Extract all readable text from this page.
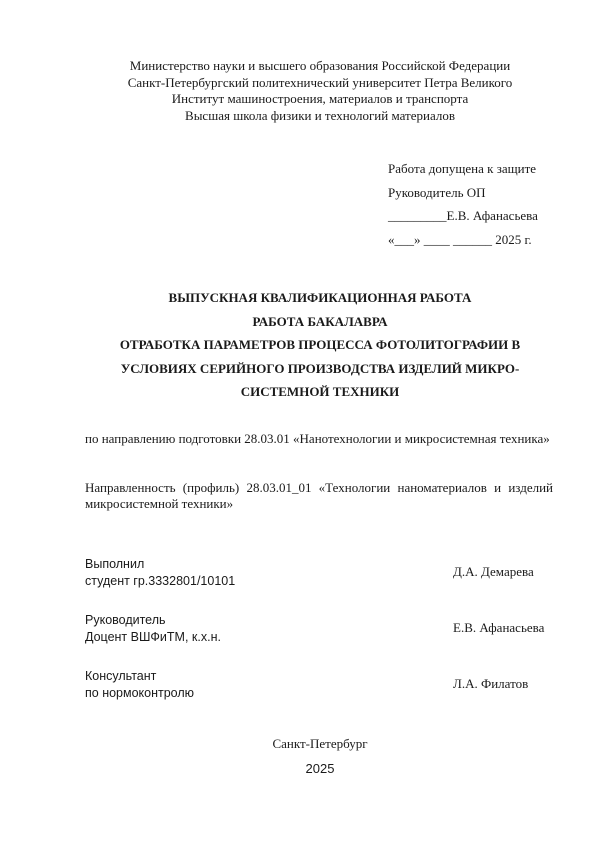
Министерство науки и высшего образования Российской Федерации
Санкт-Петербургский политехнический университет Петра Великого
Институт машиностроения, материалов и транспорта
Высшая школа физики и технологий материалов
Работа допущена к защите
Руководитель ОП
_________Е.В. Афанасьева
«___» ____ ______ 2025 г.
ВЫПУСКНАЯ КВАЛИФИКАЦИОННАЯ РАБОТА
РАБОТА БАКАЛАВРА
ОТРАБОТКА ПАРАМЕТРОВ ПРОЦЕССА ФОТОЛИТОГРАФИИ В
УСЛОВИЯХ СЕРИЙНОГО ПРОИЗВОДСТВА ИЗДЕЛИЙ МИКРО-
СИСТЕМНОЙ ТЕХНИКИ
по направлению подготовки 28.03.01 «Нанотехнологии и микросистемная техника»
Направленность (профиль) 28.03.01_01 «Технологии наноматериалов и изделий микросистемной техники»
Выполнил
студент гр.3332801/10101
Д.А. Демарева
Руководитель
Доцент ВШФиТМ, к.х.н.
Е.В. Афанасьева
Консультант
по нормоконтролю
Л.А. Филатов
Санкт-Петербург
2025
